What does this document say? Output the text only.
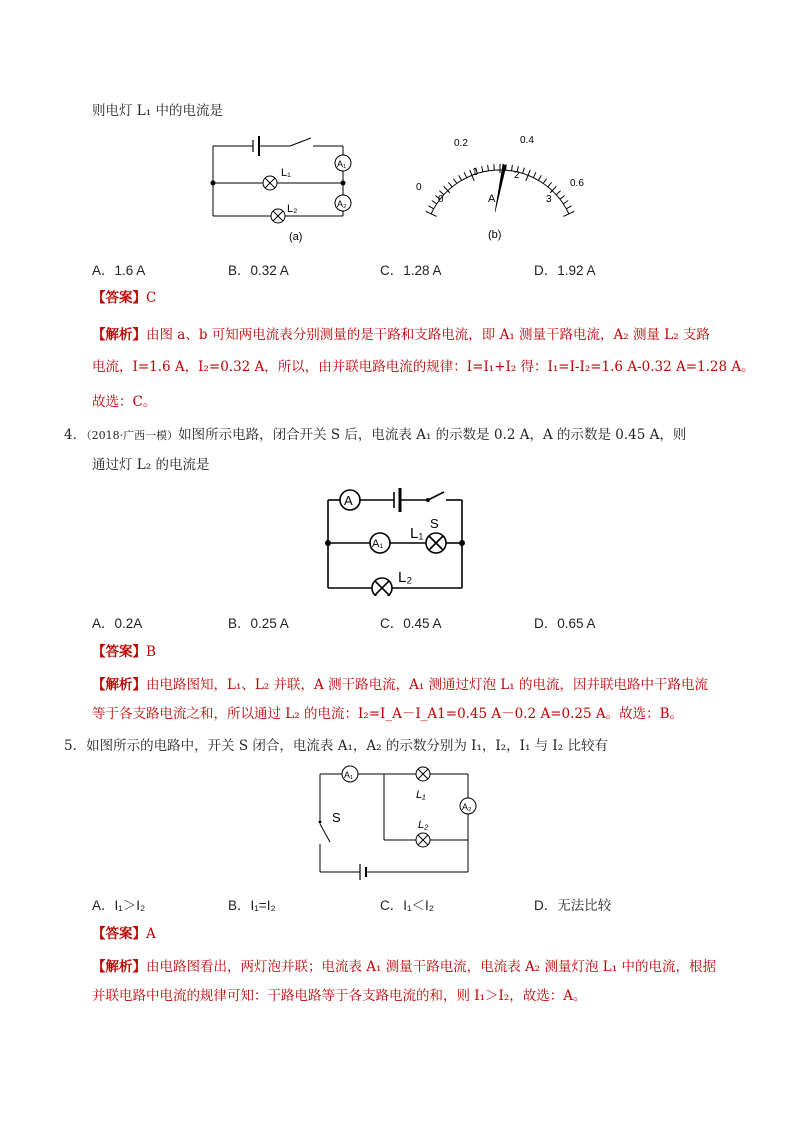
则电灯 L₁ 中的电流是
L₁
L₂
A₁
A₂
(a)
0
0.2	0.4
0.6
0
1	2
3
A
(b)
A．1.6 A	B．0.32 A	C．1.28 A	D．1.92 A
【答案】C
【解析】由图 a、b 可知两电流表分别测量的是干路和支路电流，即 A₁ 测量干路电流，A₂ 测量 L₂ 支路
电流，I=1.6 A，I₂=0.32 A，所以，由并联电路电流的规律：I=I₁+I₂ 得：I₁=I-I₂=1.6 A-0.32 A=1.28 A。
故选：C。
4．（2018·广西一模）如图所示电路，闭合开关 S 后，电流表 A₁ 的示数是 0.2 A，A 的示数是 0.45 A，则
通过灯 L₂ 的电流是
A
S
A₁
L₁
L₂
A．0.2A	B．0.25 A	C．0.45 A	D．0.65 A
【答案】B
【解析】由电路图知，L₁、L₂ 并联，A 测干路电流，A₁ 测通过灯泡 L₁ 的电流，因并联电路中干路电流
等于各支路电流之和，所以通过 L₂ 的电流：I₂=I_A－I_A1=0.45 A－0.2 A=0.25 A。故选：B。
5．如图所示的电路中，开关 S 闭合，电流表 A₁，A₂ 的示数分别为 I₁，I₂，I₁ 与 I₂ 比较有
A₁
A₂
L₁
L₂
S
A．I₁＞I₂	B．I₁=I₂	C．I₁＜I₂	D．无法比较
【答案】A
【解析】由电路图看出，两灯泡并联；电流表 A₁ 测量干路电流，电流表 A₂ 测量灯泡 L₁ 中的电流，根据
并联电路中电流的规律可知：干路电路等于各支路电流的和，则 I₁＞I₂，故选：A。
